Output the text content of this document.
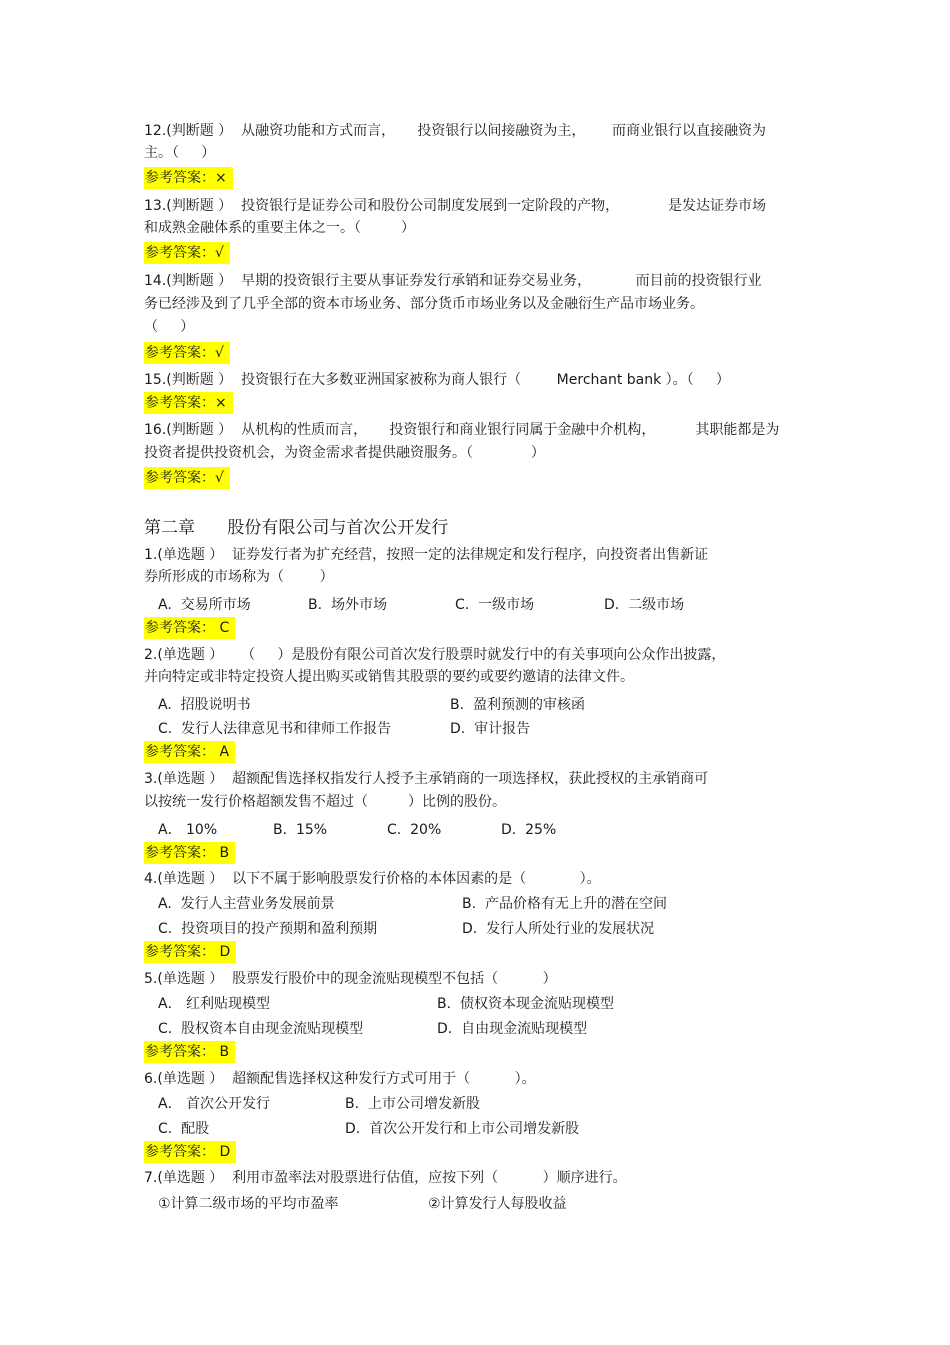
12.(判断题 ）  从融资功能和方式而言，     投资银行以间接融资为主，      而商业银行以直接融资为
主。（     ）
参考答案：×
13.(判断题 ）  投资银行是证券公司和股份公司制度发展到一定阶段的产物，           是发达证券市场
和成熟金融体系的重要主体之一。（         ）
参考答案：√
14.(判断题 ）  早期的投资银行主要从事证券发行承销和证券交易业务，          而目前的投资银行业
务已经涉及到了几乎全部的资本市场业务、部分货币市场业务以及金融衍生产品市场业务。
（     ）
参考答案：√
15.(判断题 ）  投资银行在大多数亚洲国家被称为商人银行（        Merchant bank ）。（     ）
参考答案：×
16.(判断题 ）  从机构的性质而言，     投资银行和商业银行同属于金融中介机构，         其职能都是为
投资者提供投资机会，为资金需求者提供融资服务。（             ）
参考答案：√
第二章      股份有限公司与首次公开发行
1.(单选题 ）  证券发行者为扩充经营，按照一定的法律规定和发行程序，向投资者出售新证
券所形成的市场称为（        ）
A.  交易所市场	B.  场外市场	C.  一级市场	D.  二级市场
参考答案： C
2.(单选题 ）    （     ）是股份有限公司首次发行股票时就发行中的有关事项向公众作出披露，
并向特定或非特定投资人提出购买或销售其股票的要约或要约邀请的法律文件。
A.  招股说明书	B.  盈利预测的审核函
C.  发行人法律意见书和律师工作报告	D.  审计报告
参考答案： A
3.(单选题 ）  超额配售选择权指发行人授予主承销商的一项选择权，获此授权的主承销商可
以按统一发行价格超额发售不超过（         ）比例的股份。
A． 10%	B.  15%	C.  20%	D.  25%
参考答案： B
4.(单选题 ）  以下不属于影响股票发行价格的本体因素的是（            ）。
A.  发行人主营业务发展前景	B.  产品价格有无上升的潜在空间
C.  投资项目的投产预期和盈利预期	D.  发行人所处行业的发展状况
参考答案： D
5.(单选题 ）  股票发行股价中的现金流贴现模型不包括（          ）
A． 红利贴现模型	B.  债权资本现金流贴现模型
C.  股权资本自由现金流贴现模型	D.  自由现金流贴现模型
参考答案： B
6.(单选题 ）  超额配售选择权这种发行方式可用于（          ）。
A． 首次公开发行	B.  上市公司增发新股
C.  配股	D.  首次公开发行和上市公司增发新股
参考答案： D
7.(单选题 ）  利用市盈率法对股票进行估值，应按下列（          ）顺序进行。
①计算二级市场的平均市盈率	②计算发行人每股收益
